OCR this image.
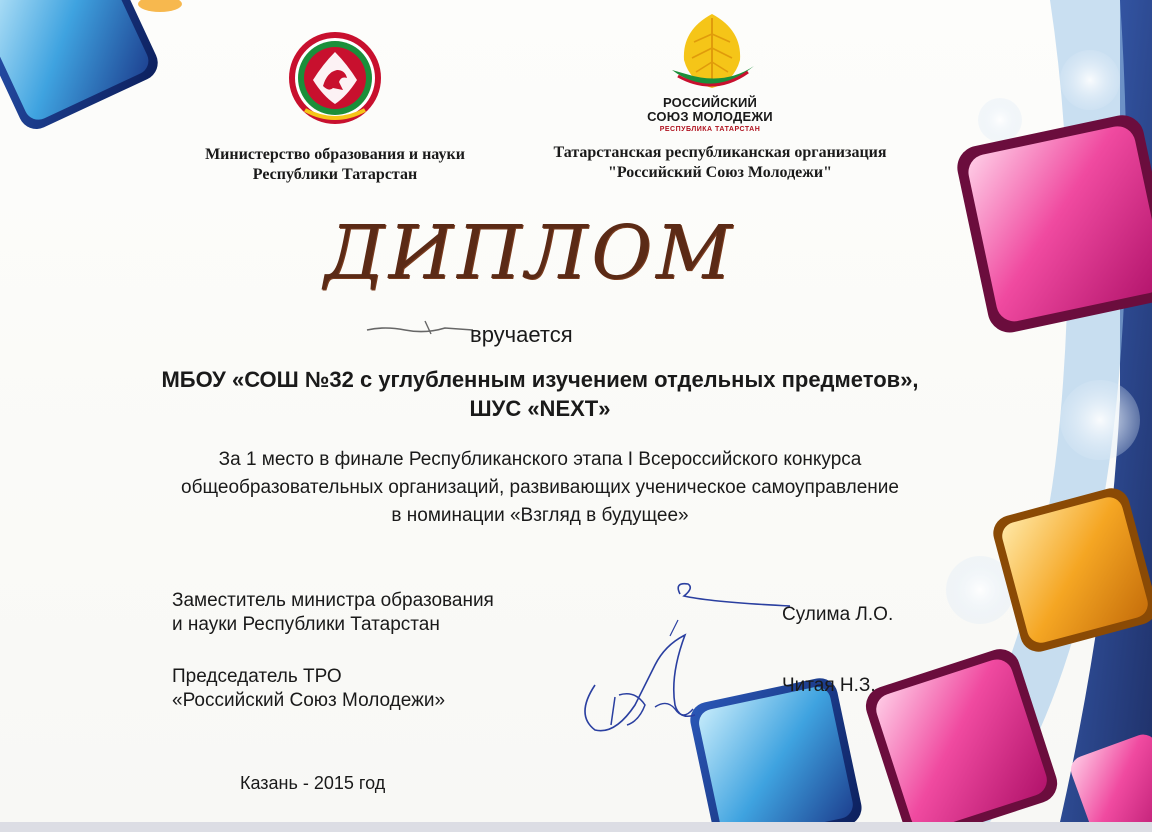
РОССИЙСКИЙ
СОЮЗ МОЛОДЕЖИ
РЕСПУБЛИКА ТАТАРСТАН
Министерство образования и науки
Республики Татарстан
Татарстанская республиканская организация
"Российский Союз Молодежи"
ДИПЛОМ
вручается
МБОУ «СОШ №32 с углубленным изучением отдельных предметов»,
ШУС «NEXT»
За 1 место в финале Республиканского этапа I Всероссийского конкурса
общеобразовательных организаций, развивающих ученическое самоуправление
в номинации «Взгляд в будущее»
Заместитель министра образования
и науки Республики Татарстан	Сулима Л.О.
Председатель ТРО
«Российский Союз Молодежи»
Читая Н.З.
Казань - 2015 год
